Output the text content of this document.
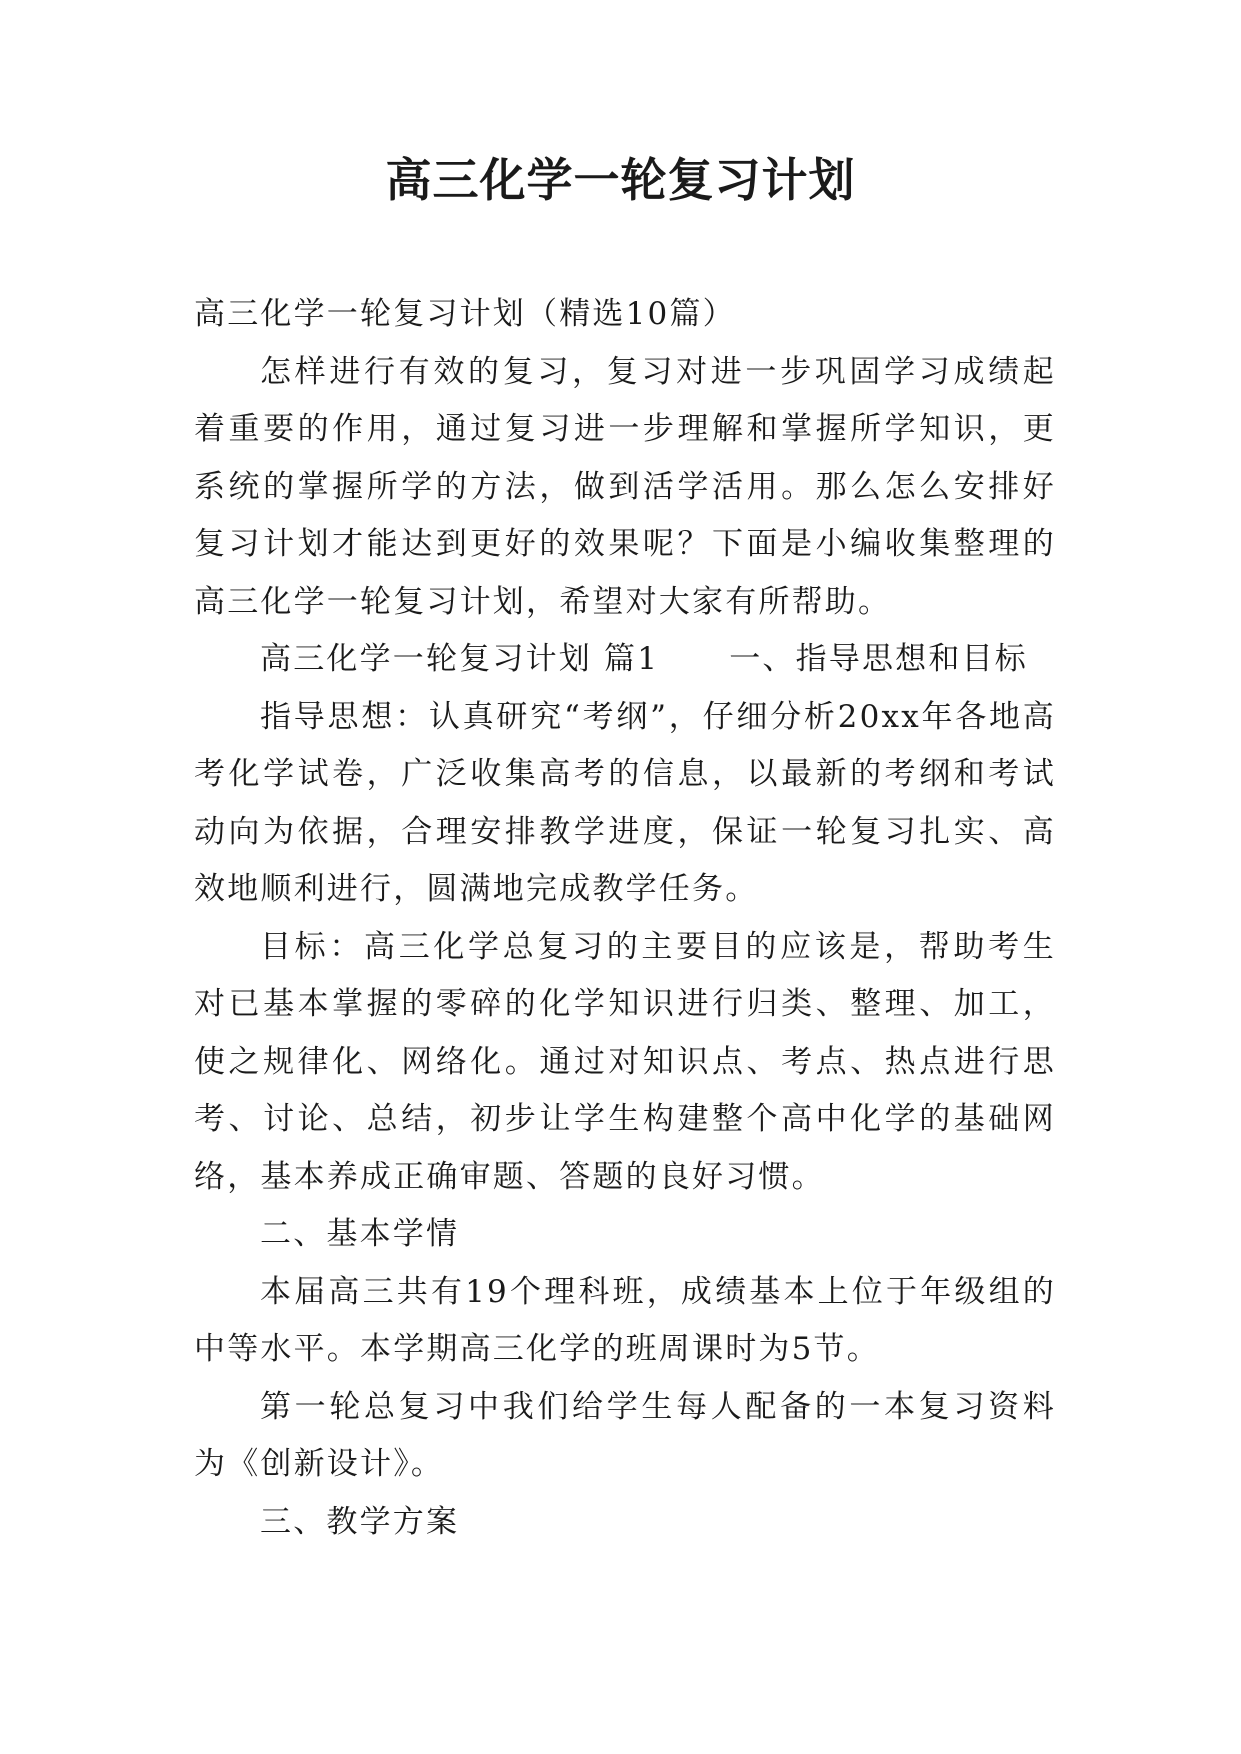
高三化学一轮复习计划

高三化学一轮复习计划（精选10篇）

怎样进行有效的复习，复习对进一步巩固学习成绩起着重要的作用，通过复习进一步理解和掌握所学知识，更系统的掌握所学的方法，做到活学活用。那么怎么安排好复习计划才能达到更好的效果呢？下面是小编收集整理的高三化学一轮复习计划，希望对大家有所帮助。

高三化学一轮复习计划 篇1 一、指导思想和目标

指导思想：认真研究“考纲”，仔细分析20xx年各地高考化学试卷，广泛收集高考的信息，以最新的考纲和考试动向为依据，合理安排教学进度，保证一轮复习扎实、高效地顺利进行，圆满地完成教学任务。

目标：高三化学总复习的主要目的应该是，帮助考生对已基本掌握的零碎的化学知识进行归类、整理、加工，使之规律化、网络化。通过对知识点、考点、热点进行思考、讨论、总结，初步让学生构建整个高中化学的基础网络，基本养成正确审题、答题的良好习惯。

二、基本学情

本届高三共有19个理科班，成绩基本上位于年级组的中等水平。本学期高三化学的班周课时为5节。

第一轮总复习中我们给学生每人配备的一本复习资料为《创新设计》。

三、教学方案
